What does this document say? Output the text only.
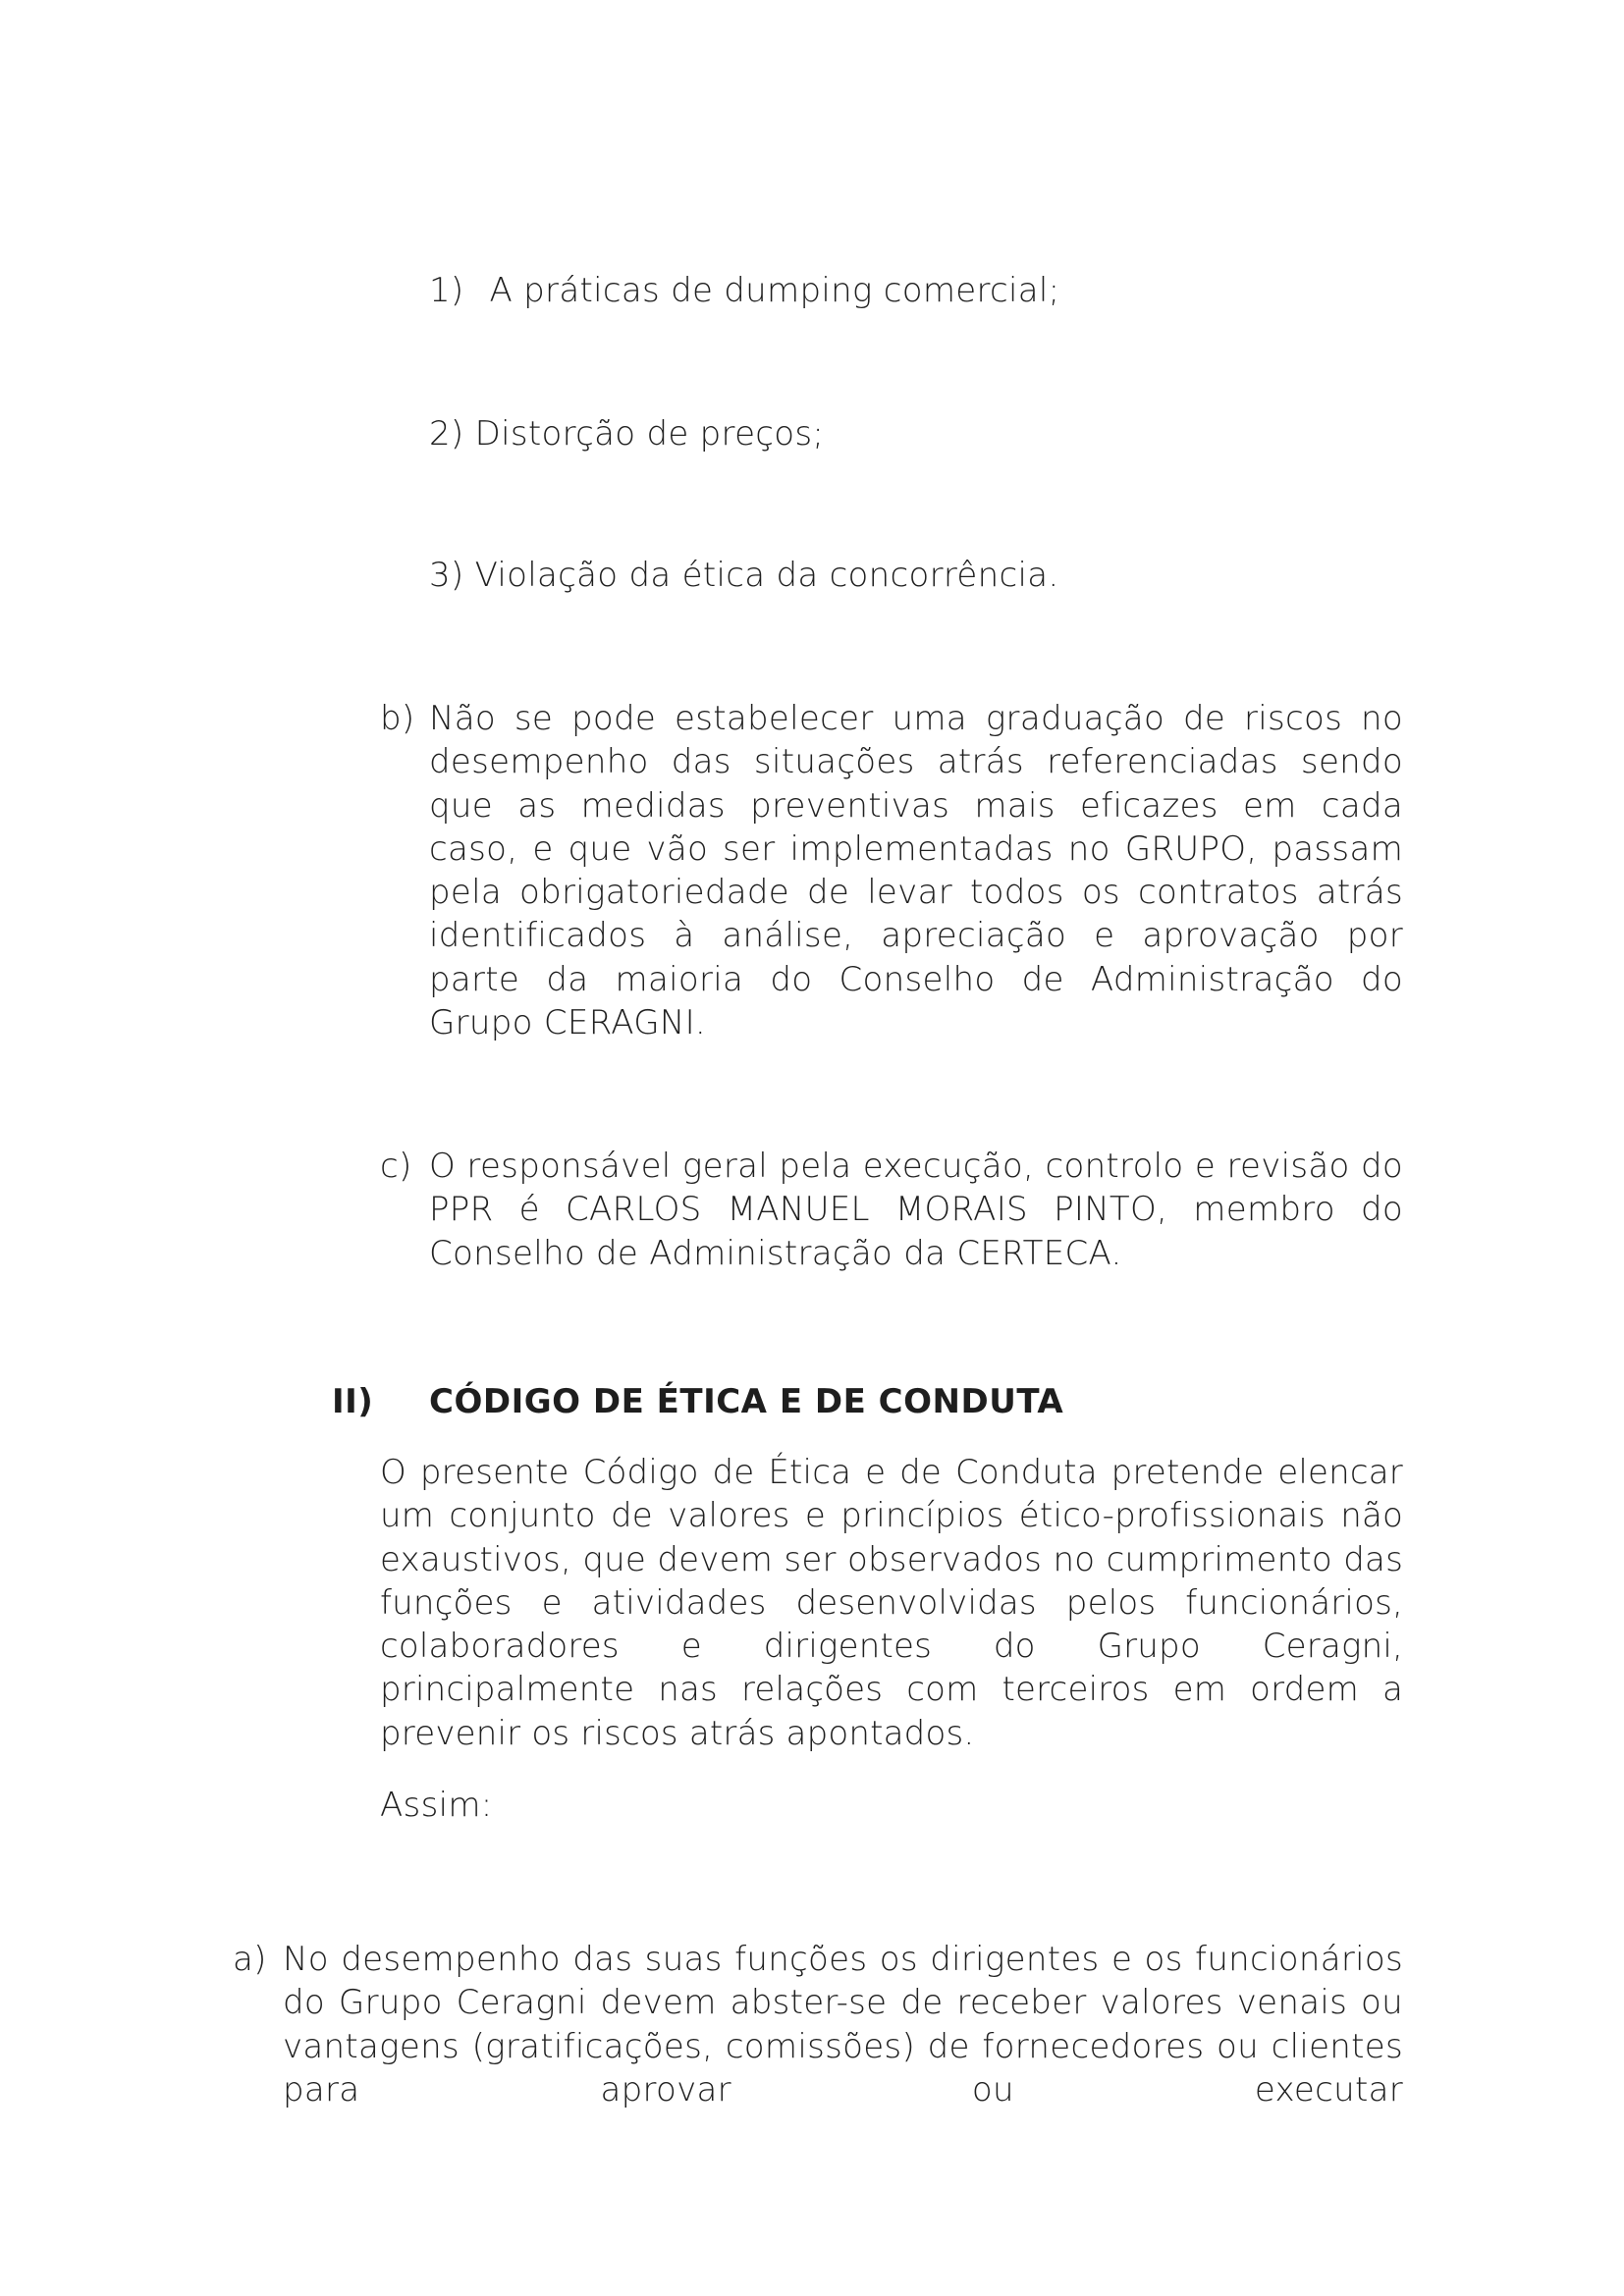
1) A práticas de dumping comercial;
2) Distorção de preços;
3) Violação da ética da concorrência.
b) Não se pode estabelecer uma graduação de riscos no desempenho das situações atrás referenciadas sendo que as medidas preventivas mais eficazes em cada caso, e que vão ser implementadas no GRUPO, passam pela obrigatoriedade de levar todos os contratos atrás identificados à análise, apreciação e aprovação por parte da maioria do Conselho de Administração do Grupo CERAGNI.
c) O responsável geral pela execução, controlo e revisão do PPR é CARLOS MANUEL MORAIS PINTO, membro do Conselho de Administração da CERTECA.
II) CÓDIGO DE ÉTICA E DE CONDUTA
O presente Código de Ética e de Conduta pretende elencar um conjunto de valores e princípios ético-profissionais não exaustivos, que devem ser observados no cumprimento das funções e atividades desenvolvidas pelos funcionários, colaboradores e dirigentes do Grupo Ceragni, principalmente nas relações com terceiros em ordem a prevenir os riscos atrás apontados.
Assim:
a) No desempenho das suas funções os dirigentes e os funcionários do Grupo Ceragni devem abster-se de receber valores venais ou vantagens (gratificações, comissões) de fornecedores ou clientes para aprovar ou executar
